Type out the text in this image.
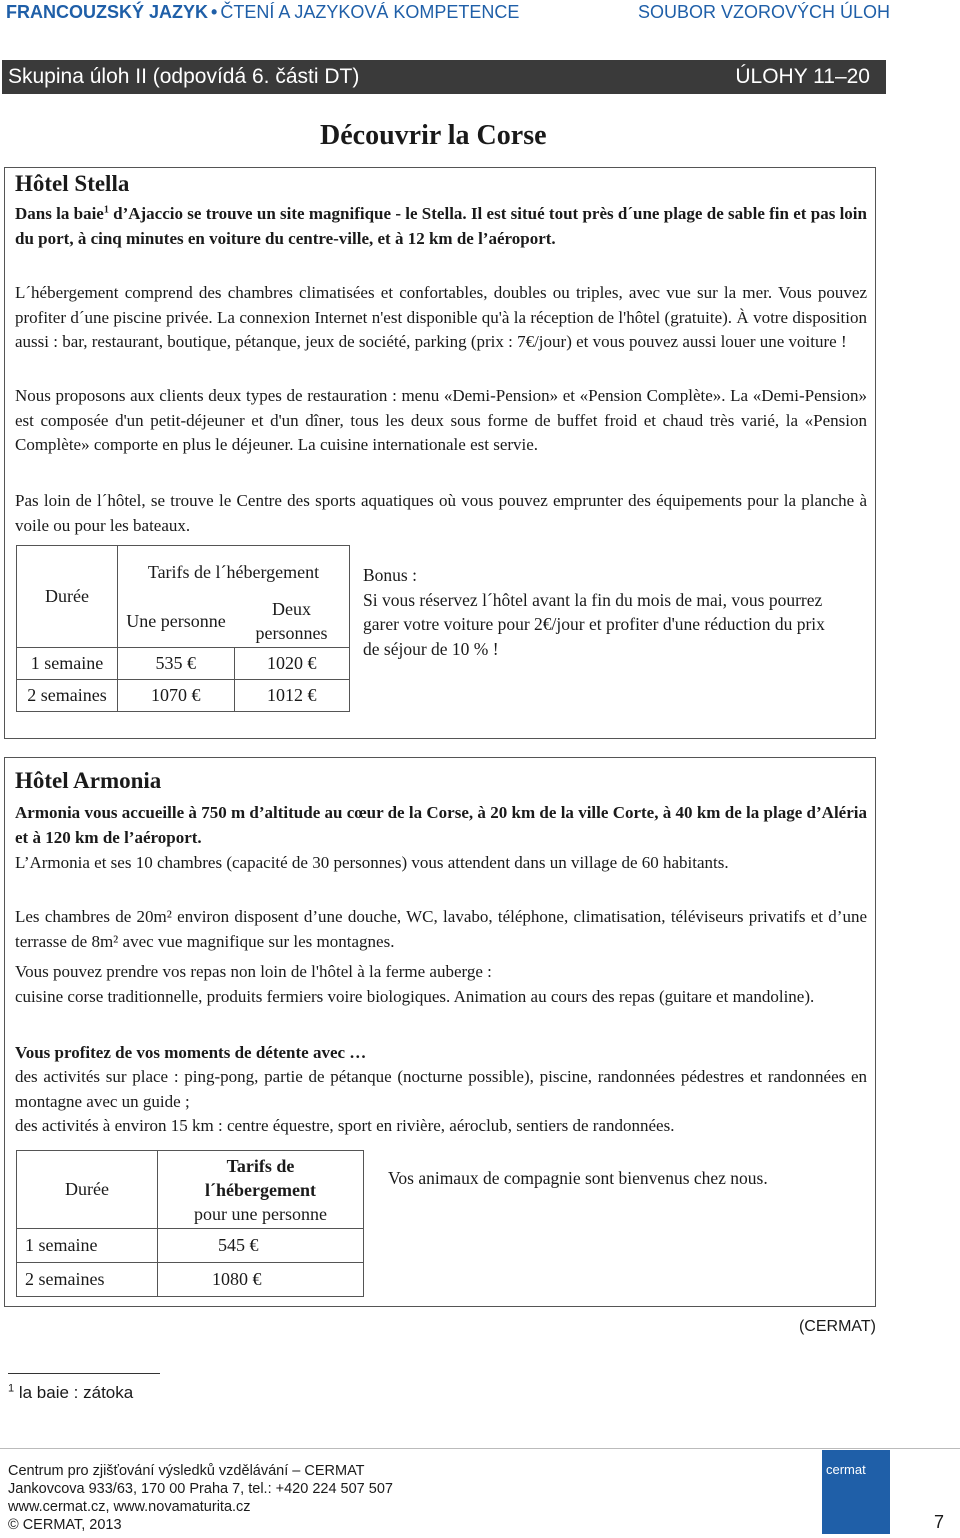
FRANCOUZSKÝ JAZYK • ČTENÍ A JAZYKOVÁ KOMPETENCE	SOUBOR VZOROVÝCH ÚLOH
Skupina úloh II (odpovídá 6. části DT)	ÚLOHY 11–20
Découvrir la Corse
Hôtel Stella

Dans la baie$^1$ d’Ajaccio se trouve un site magnifique - le Stella. Il est situé tout près d´une plage de sable fin et pas loin du port, à cinq minutes en voiture du centre-ville, et à 12 km de l’aéroport.

L´hébergement comprend des chambres climatisées et confortables, doubles ou triples, avec vue sur la mer. Vous pouvez profiter d´une piscine privée. La connexion Internet n'est disponible qu'à la réception de l'hôtel (gratuite). À votre disposition aussi : bar, restaurant, boutique, pétanque, jeux de société, parking (prix : 7€/jour) et vous pouvez aussi louer une voiture !

Nous proposons aux clients deux types de restauration : menu «Demi-Pension» et «Pension Complète». La «Demi-Pension» est composée d'un petit-déjeuner et d'un dîner, tous les deux sous forme de buffet froid et chaud très varié, la «Pension Complète» comporte en plus le déjeuner. La cuisine internationale est servie.

Pas loin de l´hôtel, se trouve le Centre des sports aquatiques où vous pouvez emprunter des équipements pour la planche à voile ou pour les bateaux.

Durée	Tarifs de l´hébergement	
	Une personne	Deux personnes
1 semaine	535 €	1020 €
2 semaines	1070 €	1012 €
Bonus :
Si vous réservez l´hôtel avant la fin du mois de mai, vous pourrez garer votre voiture pour 2€/jour et profiter d'une réduction du prix de séjour de 10 % !
Hôtel Armonia

Armonia vous accueille à 750 m d’altitude au cœur de la Corse, à 20 km de la ville Corte, à 40 km de la plage d’Aléria et à 120 km de l’aéroport.

L’Armonia et ses 10 chambres (capacité de 30 personnes) vous attendent dans un village de 60 habitants.

Les chambres de 20m² environ disposent d’une douche, WC, lavabo, téléphone, climatisation, téléviseurs privatifs et d’une terrasse de 8m² avec vue magnifique sur les montagnes.

Vous pouvez prendre vos repas non loin de l'hôtel à la ferme auberge :

cuisine corse traditionnelle, produits fermiers voire biologiques. Animation au cours des repas (guitare et mandoline).

Vous profitez de vos moments de détente avec …

des activités sur place : ping-pong, partie de pétanque (nocturne possible), piscine, randonnées pédestres et randonnées en montagne avec un guide ;

des activités à environ 15 km : centre équestre, sport en rivière, aéroclub, sentiers de randonnées.

Durée	Tarifs de
l´hébergement
pour une personne

1 semaine	545 €
2 semaines	1080 €
Vos animaux de compagnie sont bienvenus chez nous.
(CERMAT)
$^1$ la baie : zátoka
Centrum pro zjišťování výsledků vzdělávání – CERMAT
Jankovcova 933/63, 170 00 Praha 7, tel.: +420 224 507 507
www.cermat.cz, www.novamaturita.cz
© CERMAT, 2013
cermat
7
